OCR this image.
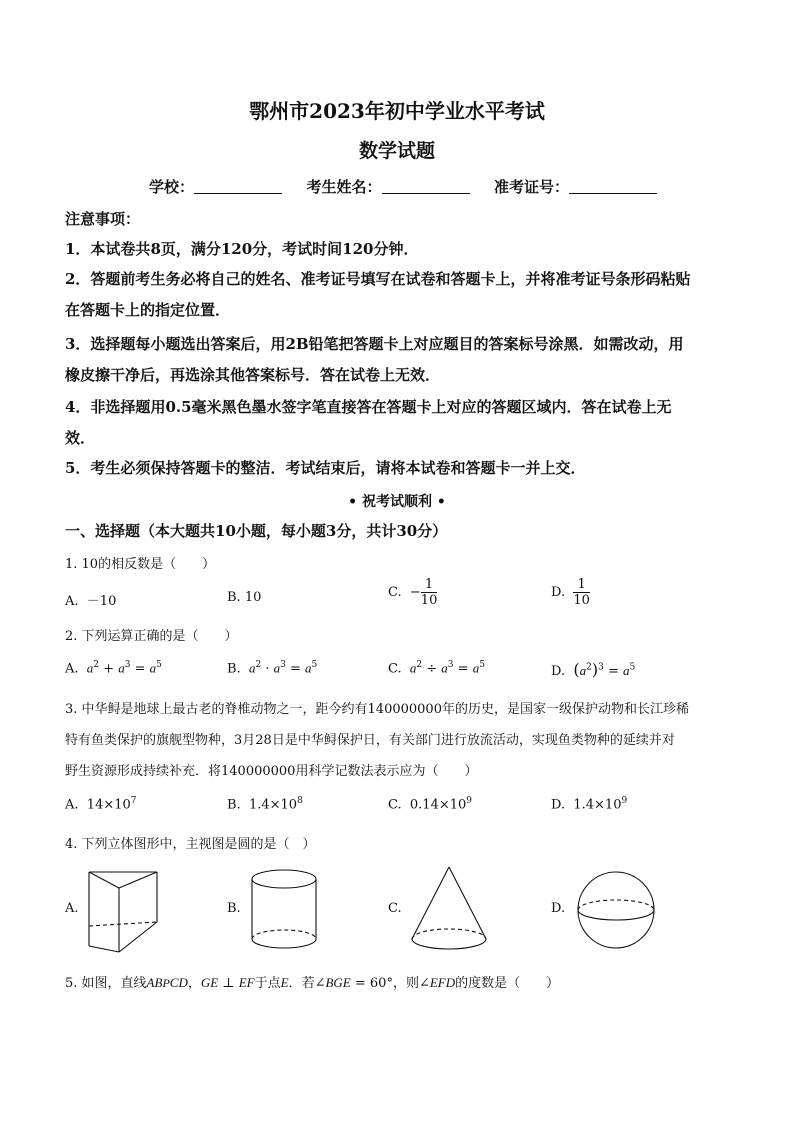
鄂州市2023年初中学业水平考试
数学试题
学校：	考生姓名：	准考证号：
注意事项：
1．本试卷共8页，满分120分，考试时间120分钟．
2．答题前考生务必将自己的姓名、准考证号填写在试卷和答题卡上，并将准考证号条形码粘贴
在答题卡上的指定位置．
3．选择题每小题选出答案后，用2B铅笔把答题卡上对应题目的答案标号涂黑．如需改动，用
橡皮擦干净后，再选涂其他答案标号．答在试卷上无效．
4．非选择题用0.5毫米黑色墨水签字笔直接答在答题卡上对应的答题区域内．答在试卷上无
效．
5．考生必须保持答题卡的整洁．考试结束后，请将本试卷和答题卡一并上交．
• 祝考试顺利 •
一、选择题（本大题共10小题，每小题3分，共计30分）
1. 10的相反数是（　　）
A. －10	B. 10	C. − $\frac{1}{10}$	D. $\frac{1}{10}$
2. 下列运算正确的是（　　）
A. $a^2 + a^3 = a^5$	B. $a^2 \cdot a^3 = a^5$	C. $a^2 \div a^3 = a^5$	D. $(a^2)^3 = a^5$
3. 中华鲟是地球上最古老的脊椎动物之一，距今约有140000000年的历史，是国家一级保护动物和长江珍稀
特有鱼类保护的旗舰型物种，3月28日是中华鲟保护日，有关部门进行放流活动，实现鱼类物种的延续并对
野生资源形成持续补充．将140000000用科学记数法表示应为（　　）
A. $14\times 10^7$	B. $1.4\times 10^8$	C. $0.14\times 10^9$	D. $1.4\times 10^9$
4. 下列立体图形中，主视图是圆的是（　）
A.	B.	C.	D.
5. 如图，直线ABPCD，GE ⊥ EF于点E．若∠BGE = 60°，则∠EFD的度数是（　　）
